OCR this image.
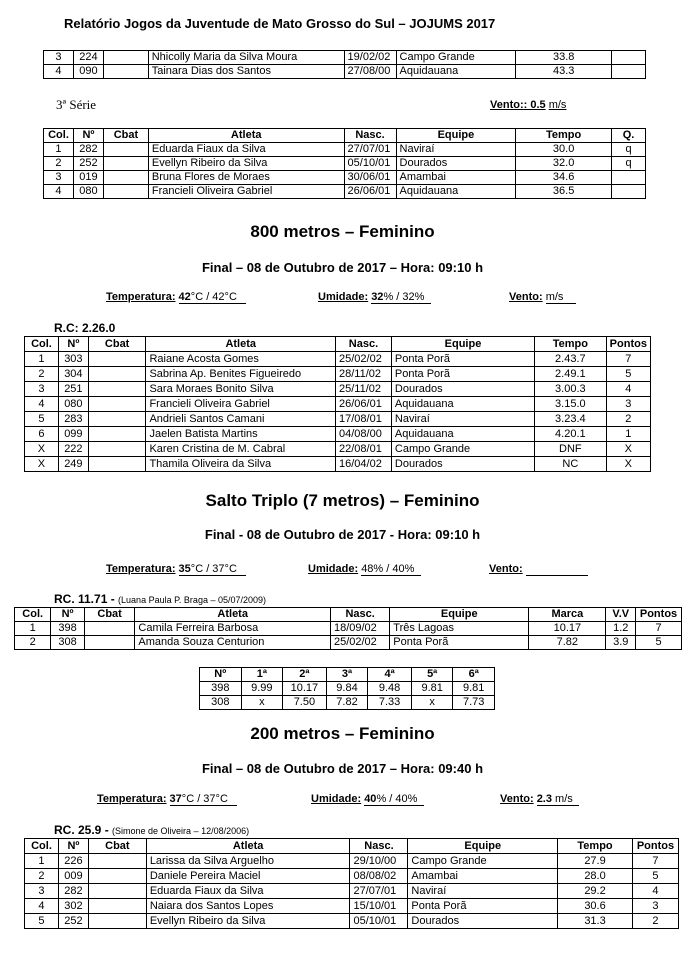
Relatório Jogos da Juventude de Mato Grosso do Sul – JOJUMS 2017
3	224		Nhicolly Maria da Silva Moura	19/02/02	Campo Grande	33.8	
4	090		Tainara Dias dos Santos	27/08/00	Aquidauana	43.3	
3ª Série	Vento:: 0.5 m/s
Col.	Nº	Cbat	Atleta	Nasc.	Equipe	Tempo	Q.
1	282		Eduarda Fiaux da Silva	27/07/01	Naviraí	30.0	q
2	252		Evellyn Ribeiro da Silva	05/10/01	Dourados	32.0	q
3	019		Bruna Flores de Moraes	30/06/01	Amambai	34.6	
4	080		Francieli Oliveira Gabriel	26/06/01	Aquidauana	36.5	
800 metros – Feminino
Final – 08 de Outubro de 2017 – Hora: 09:10 h
Temperatura: 42°C / 42°C	Umidade: 32% / 32%	Vento: m/s
R.C: 2.26.0
Col.	Nº	Cbat	Atleta	Nasc.	Equipe	Tempo	Pontos
1	303		Raiane Acosta Gomes	25/02/02	Ponta Porã	2.43.7	7
2	304		Sabrina Ap. Benites Figueiredo	28/11/02	Ponta Porã	2.49.1	5
3	251		Sara Moraes Bonito Silva	25/11/02	Dourados	3.00.3	4
4	080		Francieli Oliveira Gabriel	26/06/01	Aquidauana	3.15.0	3
5	283		Andrieli Santos Camani	17/08/01	Naviraí	3.23.4	2
6	099		Jaelen Batista Martins	04/08/00	Aquidauana	4.20.1	1
X	222		Karen Cristina de M. Cabral	22/08/01	Campo Grande	DNF	X
X	249		Thamila Oliveira da Silva	16/04/02	Dourados	NC	X
Salto Triplo (7 metros) – Feminino
Final - 08 de Outubro de 2017 - Hora: 09:10 h
Temperatura: 35°C / 37°C	Umidade: 48% / 40%	Vento:
RC. 11.71 - (Luana Paula P. Braga – 05/07/2009)
Col.	Nº	Cbat	Atleta	Nasc.	Equipe	Marca	V.V	Pontos
1	398		Camila Ferreira Barbosa	18/09/02	Três Lagoas	10.17	1.2	7
2	308		Amanda Souza Centurion	25/02/02	Ponta Porã	7.82	3.9	5
Nº	1ª	2ª	3ª	4ª	5ª	6ª
398	9.99	10.17	9.84	9.48	9.81	9.81
308	x	7.50	7.82	7.33	x	7.73
200 metros – Feminino
Final – 08 de Outubro de 2017 – Hora: 09:40 h
Temperatura: 37°C / 37°C	Umidade: 40% / 40%	Vento: 2.3 m/s
RC. 25.9 - (Simone de Oliveira – 12/08/2006)
Col.	Nº	Cbat	Atleta	Nasc.	Equipe	Tempo	Pontos
1	226		Larissa da Silva Arguelho	29/10/00	Campo Grande	27.9	7
2	009		Daniele Pereira Maciel	08/08/02	Amambai	28.0	5
3	282		Eduarda Fiaux da Silva	27/07/01	Naviraí	29.2	4
4	302		Naiara dos Santos Lopes	15/10/01	Ponta Porã	30.6	3
5	252		Evellyn Ribeiro da Silva	05/10/01	Dourados	31.3	2
